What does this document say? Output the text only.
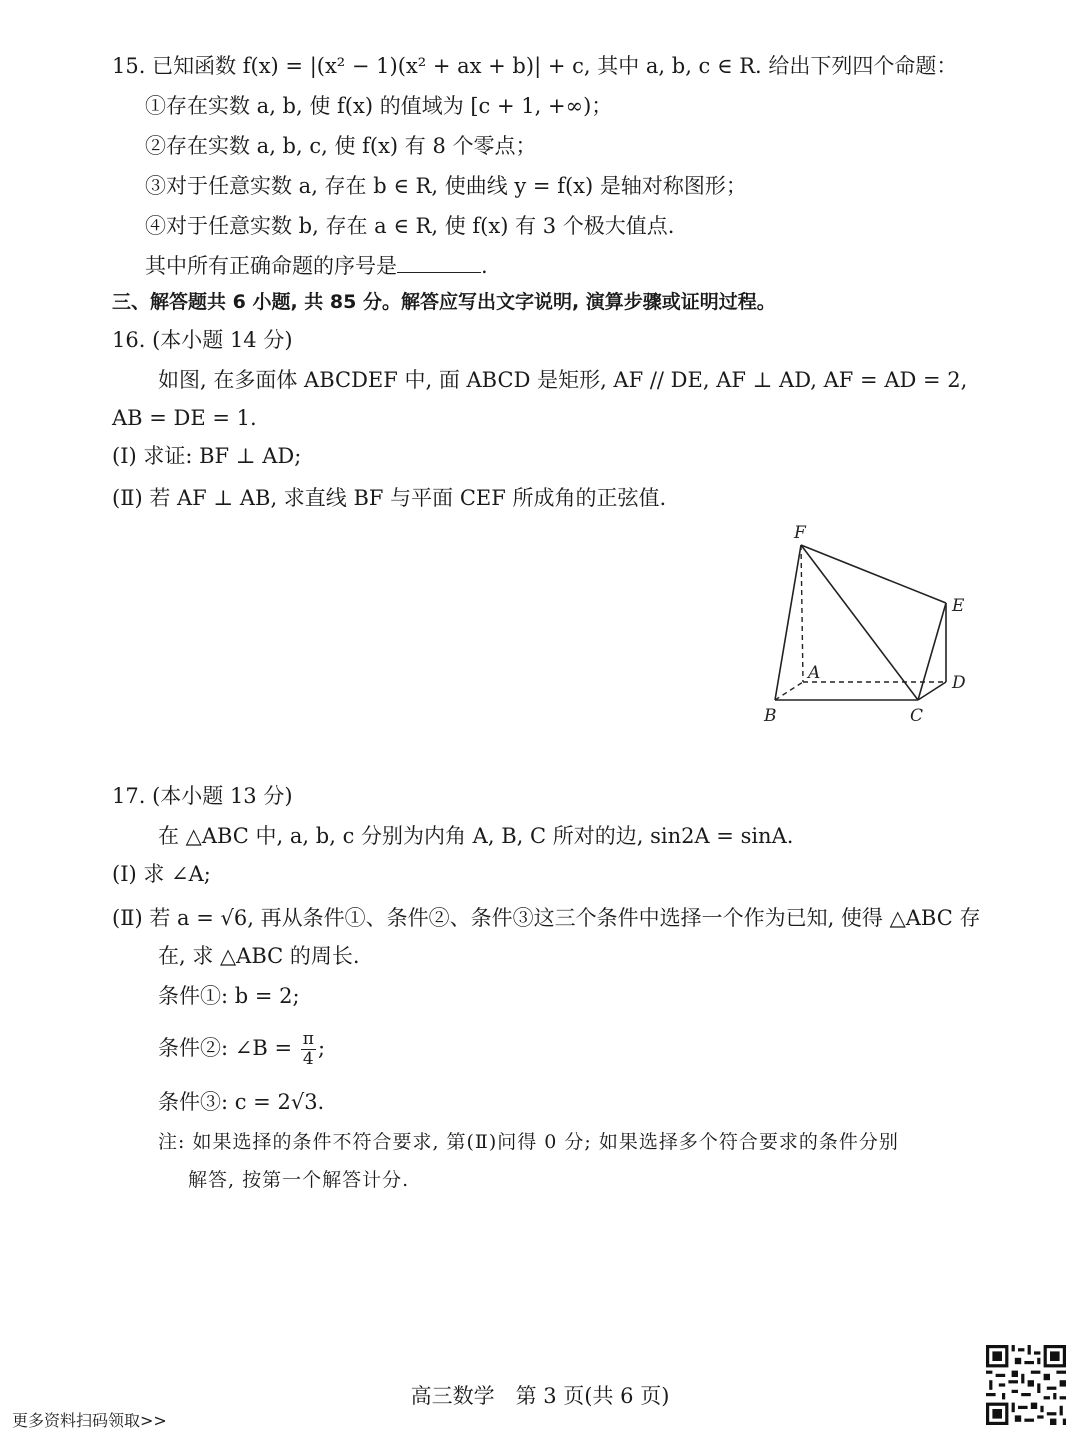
15. 已知函数 f(x) = |(x² − 1)(x² + ax + b)| + c, 其中 a, b, c ∈ R. 给出下列四个命题：
①存在实数 a, b, 使 f(x) 的值域为 [c + 1, +∞)；
②存在实数 a, b, c, 使 f(x) 有 8 个零点；
③对于任意实数 a, 存在 b ∈ R, 使曲线 y = f(x) 是轴对称图形；
④对于任意实数 b, 存在 a ∈ R, 使 f(x) 有 3 个极大值点.
其中所有正确命题的序号是	.
三、解答题共 6 小题, 共 85 分。解答应写出文字说明, 演算步骤或证明过程。
16. (本小题 14 分)
如图, 在多面体 ABCDEF 中, 面 ABCD 是矩形, AF // DE, AF ⊥ AD, AF = AD = 2,
AB = DE = 1.
(Ⅰ) 求证: BF ⊥ AD;
(Ⅱ) 若 AF ⊥ AB, 求直线 BF 与平面 CEF 所成角的正弦值.
F
E
A	D
B	C
17. (本小题 13 分)
在 △ABC 中, a, b, c 分别为内角 A, B, C 所对的边, sin2A = sinA.
(Ⅰ) 求 ∠A;
(Ⅱ) 若 a = √6, 再从条件①、条件②、条件③这三个条件中选择一个作为已知, 使得 △ABC 存
在, 求 △ABC 的周长.
条件①: b = 2;
条件②: ∠B = $\frac{\pi}{4}$ ;
条件③: c = 2√3.
注: 如果选择的条件不符合要求, 第(Ⅱ)问得 0 分; 如果选择多个符合要求的条件分别
解答, 按第一个解答计分.
高三数学　第 3 页(共 6 页)
更多资料扫码领取>>
